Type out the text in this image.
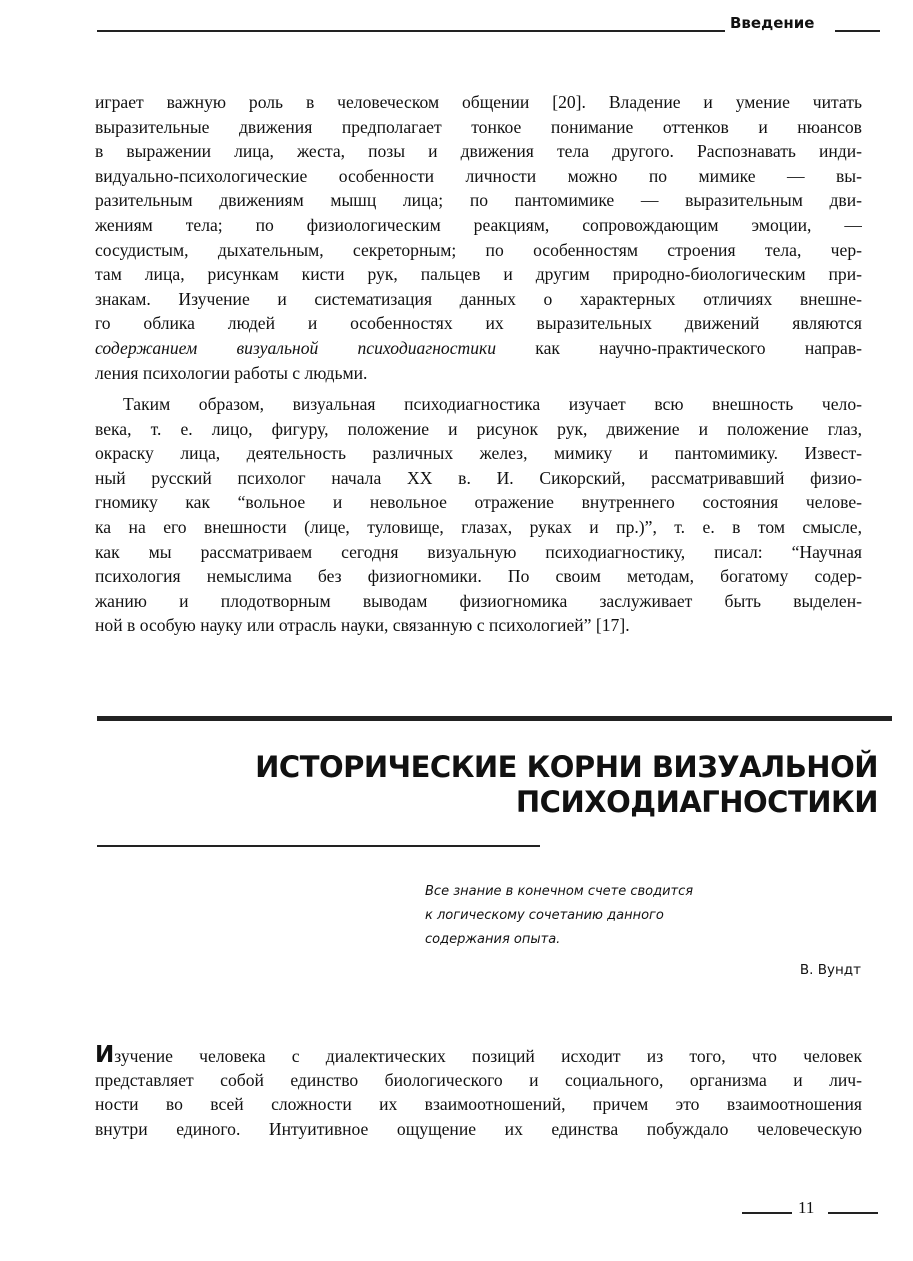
Введение
играет важную роль в человеческом общении [20]. Владение и умение читать
выразительные движения предполагает тонкое понимание оттенков и нюансов
в выражении лица, жеста, позы и движения тела другого. Распознавать инди-
видуально-психологические особенности личности можно по мимике — вы-
разительным движениям мышц лица; по пантомимике — выразительным дви-
жениям тела; по физиологическим реакциям, сопровождающим эмоции, —
сосудистым, дыхательным, секреторным; по особенностям строения тела, чер-
там лица, рисункам кисти рук, пальцев и другим природно-биологическим при-
знакам. Изучение и систематизация данных о характерных отличиях внешне-
го облика людей и особенностях их выразительных движений являются
содержанием визуальной психодиагностики как научно-практического направ-
ления психологии работы с людьми.
Таким образом, визуальная психодиагностика изучает всю внешность чело-
века, т. е. лицо, фигуру, положение и рисунок рук, движение и положение глаз,
окраску лица, деятельность различных желез, мимику и пантомимику. Извест-
ный русский психолог начала XX в. И. Сикорский, рассматривавший физио-
гномику как “вольное и невольное отражение внутреннего состояния челове-
ка на его внешности (лице, туловище, глазах, руках и пр.)”, т. е. в том смысле,
как мы рассматриваем сегодня визуальную психодиагностику, писал: “Научная
психология немыслима без физиогномики. По своим методам, богатому содер-
жанию и плодотворным выводам физиогномика заслуживает быть выделен-
ной в особую науку или отрасль науки, связанную с психологией” [17].
ИСТОРИЧЕСКИЕ КОРНИ ВИЗУАЛЬНОЙ
ПСИХОДИАГНОСТИКИ
Все знание в конечном счете сводится
к логическому сочетанию данного
содержания опыта.
В. Вундт
Изучение человека с диалектических позиций исходит из того, что человек
представляет собой единство биологического и социального, организма и лич-
ности во всей сложности их взаимоотношений, причем это взаимоотношения
внутри единого. Интуитивное ощущение их единства побуждало человеческую
11
